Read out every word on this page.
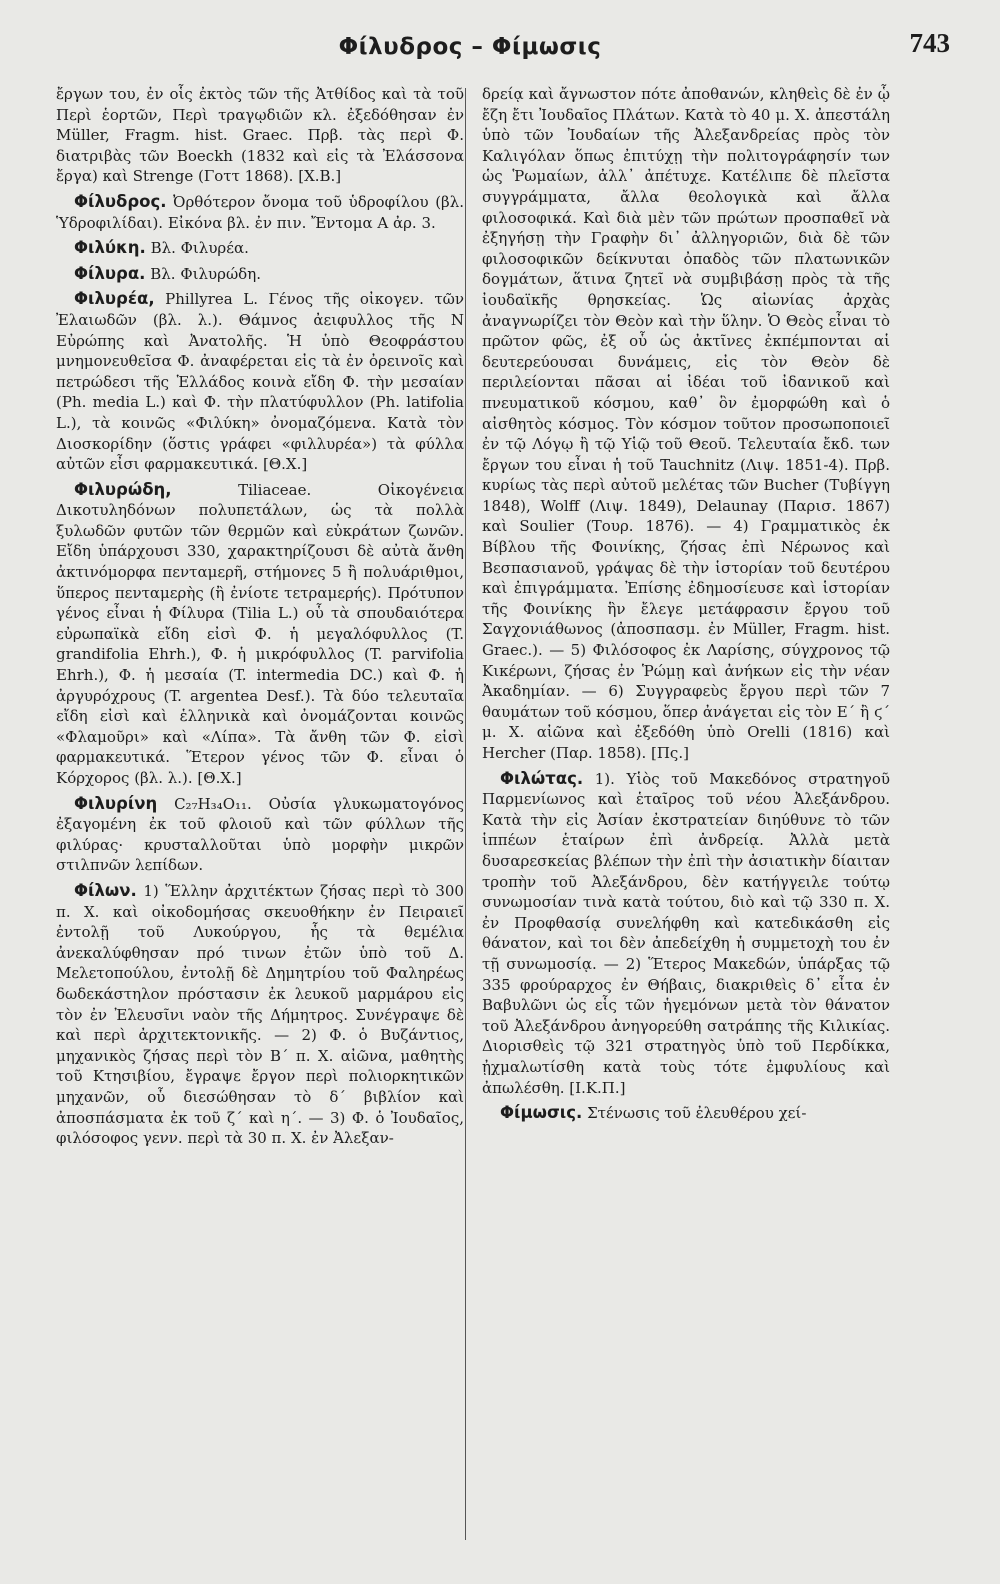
Φίλυδρος – Φίμωσις	743

ἔργων του, ἐν οἷς ἐκτὸς τῶν τῆς Ἀτθίδος καὶ τὰ τοῦ Περὶ ἑορτῶν, Περὶ τραγῳδιῶν κλ. ἐξεδόθησαν ἐν Müller, Fragm. hist. Graec. Πρβ. τὰς περὶ Φ. διατριβὰς τῶν Boeckh (1832 καὶ εἰς τὰ Ἐλάσσονα ἔργα) καὶ Strenge (Γοττ 1868). [Χ.Β.]

Φίλυδρος. Ὀρθότερον ὄνομα τοῦ ὑδροφίλου (βλ. Ὑδροφιλίδαι). Εἰκόνα βλ. ἐν πιν. Ἔντομα Α ἀρ. 3.

Φιλύκη. Βλ. Φιλυρέα.

Φίλυρα. Βλ. Φιλυρώδη.

Φιλυρέα, Phillyrea L. Γένος τῆς οἰκογεν. τῶν Ἐλαιωδῶν (βλ. λ.). Θάμνος ἀειφυλλος τῆς Ν Εὐρώπης καὶ Ἀνατολῆς. Ἡ ὑπὸ Θεοφράστου μνημονευθεῖσα Φ. ἀναφέρεται εἰς τὰ ἐν ὀρεινοῖς καὶ πετρώδεσι τῆς Ἑλλάδος κοινὰ εἴδη Φ. τὴν μεσαίαν (Ph. media L.) καὶ Φ. τὴν πλατύφυλλον (Ph. latifolia L.), τὰ κοινῶς «Φιλύκη» ὀνομαζόμενα. Κατὰ τὸν Διοσκορίδην (ὅστις γράφει «φιλλυρέα») τὰ φύλλα αὐτῶν εἶσι φαρμακευτικά. [Θ.Χ.]

Φιλυρώδη,	Tiliaceae. Οἰκογένεια Δικοτυληδόνων πολυπετάλων, ὡς τὰ πολλὰ ξυλωδῶν φυτῶν τῶν θερμῶν καὶ εὐκράτων ζωνῶν. Εἴδη ὑπάρχουσι 330, χαρακτηρίζουσι δὲ αὐτὰ ἄνθη ἀκτινόμορφα πενταμερῆ, στήμονες 5 ἢ πολυάριθμοι, ὕπερος πενταμερὴς (ἢ ἐνίοτε τετραμερής). Πρότυπον γένος εἶναι ἡ Φίλυρα (Tilia L.) οὗ τὰ σπουδαιότερα εὐρωπαϊκὰ εἴδη εἰσὶ Φ. ἡ μεγαλόφυλλος (T. grandifolia Ehrh.), Φ. ἡ μικρόφυλλος (T. parvifolia Ehrh.), Φ. ἡ μεσαία (T. intermedia DC.) καὶ Φ. ἡ ἀργυρόχρους (T. argentea Desf.). Τὰ δύο τελευταῖα εἴδη εἰσὶ καὶ ἑλληνικὰ καὶ ὀνομάζονται κοινῶς «Φλαμοῦρι» καὶ «Λίπα». Τὰ ἄνθη τῶν Φ. εἰσὶ φαρμακευτικά. Ἕτερον γένος τῶν Φ. εἶναι ὁ Κόρχορος (βλ. λ.). [Θ.Χ.]

Φιλυρίνη C₂₇H₃₄O₁₁. Οὐσία γλυκωματογόνος ἐξαγομένη ἐκ τοῦ φλοιοῦ καὶ τῶν φύλλων τῆς φιλύρας· κρυσταλλοῦται ὑπὸ μορφὴν μικρῶν στιλπνῶν λεπίδων.

Φίλων. 1) Ἕλλην ἀρχιτέκτων ζήσας περὶ τὸ 300 π. Χ. καὶ οἰκοδομήσας σκευοθήκην ἐν Πειραιεῖ ἐντολῇ τοῦ Λυκούργου, ἧς τὰ θεμέλια ἀνεκαλύφθησαν πρό τινων ἐτῶν ὑπὸ τοῦ Δ. Μελετοπούλου, ἐντολῇ δὲ Δημητρίου τοῦ Φαληρέως δωδεκάστηλον πρόστασιν ἐκ λευκοῦ μαρμάρου εἰς τὸν ἐν Ἐλευσῖνι ναὸν τῆς Δήμητρος. Συνέγραψε δὲ καὶ περὶ ἀρχιτεκτονικῆς. — 2) Φ. ὁ Βυζάντιος, μηχανικὸς ζήσας περὶ τὸν Β΄ π. Χ. αἰῶνα, μαθητὴς τοῦ Κτησιβίου, ἔγραψε ἔργον περὶ πολιορκητικῶν μηχανῶν, οὗ διεσώθησαν τὸ δ΄ βιβλίον καὶ ἀποσπάσματα ἐκ τοῦ ζ΄ καὶ η΄. — 3) Φ. ὁ Ἰουδαῖος, φιλόσοφος γενν. περὶ τὰ 30 π. Χ. ἐν Ἀλεξαν-

δρείᾳ καὶ ἄγνωστον πότε ἀποθανών, κληθεὶς δὲ ἐν ᾧ ἔζη ἔτι Ἰουδαῖος Πλάτων. Κατὰ τὸ 40 μ. Χ. ἀπεστάλη ὑπὸ τῶν Ἰουδαίων τῆς Ἀλεξανδρείας πρὸς τὸν Καλιγόλαν ὅπως ἐπιτύχῃ τὴν πολιτογράφησίν των ὡς Ῥωμαίων, ἀλλ᾽ ἀπέτυχε. Κατέλιπε δὲ πλεῖστα συγγράμματα, ἄλλα θεολογικὰ καὶ ἄλλα φιλοσοφικά. Καὶ διὰ μὲν τῶν πρώτων προσπαθεῖ νὰ ἐξηγήσῃ τὴν Γραφὴν δι᾽ ἀλληγοριῶν, διὰ δὲ τῶν φιλοσοφικῶν δείκνυται ὀπαδὸς τῶν πλατωνικῶν δογμάτων, ἅτινα ζητεῖ νὰ συμβιβάσῃ πρὸς τὰ τῆς ἰουδαϊκῆς θρησκείας. Ὡς αἰωνίας ἀρχὰς ἀναγνωρίζει τὸν Θεὸν καὶ τὴν ὕλην. Ὁ Θεὸς εἶναι τὸ πρῶτον φῶς, ἐξ οὗ ὡς ἀκτῖνες ἐκπέμπονται αἱ δευτερεύουσαι δυνάμεις, εἰς τὸν Θεὸν δὲ περιλείονται πᾶσαι αἱ ἰδέαι τοῦ ἰδανικοῦ καὶ πνευματικοῦ κόσμου, καθ᾽ ὃν ἐμορφώθη καὶ ὁ αἰσθητὸς κόσμος. Τὸν κόσμον τοῦτον προσωποποιεῖ ἐν τῷ Λόγῳ ἢ τῷ Υἱῷ τοῦ Θεοῦ. Τελευταία ἔκδ. των ἔργων του εἶναι ἡ τοῦ Tauchnitz (Λιψ. 1851-4). Πρβ. κυρίως τὰς περὶ αὐτοῦ μελέτας τῶν Bucher (Τυβίγγη 1848), Wolff (Λιψ. 1849), Delaunay (Παρισ. 1867) καὶ Soulier (Τουρ. 1876). — 4) Γραμματικὸς ἐκ Βίβλου τῆς Φοινίκης, ζήσας ἐπὶ Νέρωνος καὶ Βεσπασιανοῦ, γράψας δὲ τὴν ἱστορίαν τοῦ δευτέρου καὶ ἐπιγράμματα. Ἐπίσης ἐδημοσίευσε καὶ ἱστορίαν τῆς Φοινίκης ἣν ἔλεγε μετάφρασιν ἔργου τοῦ Σαγχονιάθωνος (ἀποσπασμ. ἐν Müller, Fragm. hist. Graec.). — 5) Φιλόσοφος ἐκ Λαρίσης, σύγχρονος τῷ Κικέρωνι, ζήσας ἐν Ῥώμῃ καὶ ἀνήκων εἰς τὴν νέαν Ἀκαδημίαν. — 6) Συγγραφεὺς ἔργου περὶ τῶν 7 θαυμάτων τοῦ κόσμου, ὅπερ ἀνάγεται εἰς τὸν Ε΄ ἢ ϛ΄ μ. Χ. αἰῶνα καὶ ἐξεδόθη ὑπὸ Orelli (1816) καὶ Hercher (Παρ. 1858). [Πς.]

Φιλώτας. 1). Υἱὸς τοῦ Μακεδόνος στρατηγοῦ Παρμενίωνος καὶ ἑταῖρος τοῦ νέου Ἀλεξάνδρου. Κατὰ τὴν εἰς Ἀσίαν ἐκστρατείαν διηύθυνε τὸ τῶν ἱππέων ἑταίρων ἐπὶ ἀνδρείᾳ. Ἀλλὰ μετὰ δυσαρεσκείας βλέπων τὴν ἐπὶ τὴν ἀσιατικὴν δίαιταν τροπὴν τοῦ Ἀλεξάνδρου, δὲν κατήγγειλε τούτῳ συνωμοσίαν τινὰ κατὰ τούτου, διὸ καὶ τῷ 330 π. Χ. ἐν Προφθασίᾳ συνελήφθη καὶ κατεδικάσθη εἰς θάνατον, καὶ τοι δὲν ἀπεδείχθη ἡ συμμετοχὴ του ἐν τῇ συνωμοσίᾳ. — 2) Ἕτερος Μακεδών, ὑπάρξας τῷ 335 φρούραρχος ἐν Θήβαις, διακριθεὶς δ᾽ εἶτα ἐν Βαβυλῶνι ὡς εἷς τῶν ἡγεμόνων μετὰ τὸν θάνατον τοῦ Ἀλεξάνδρου ἀνηγορεύθη σατράπης τῆς Κιλικίας. Διορισθεὶς τῷ 321 στρατηγὸς ὑπὸ τοῦ Περδίκκα, ᾐχμαλωτίσθη κατὰ τοὺς τότε ἐμφυλίους καὶ ἀπωλέσθη. [Ι.Κ.Π.]

Φίμωσις. Στένωσις τοῦ ἐλευθέρου χεί-
